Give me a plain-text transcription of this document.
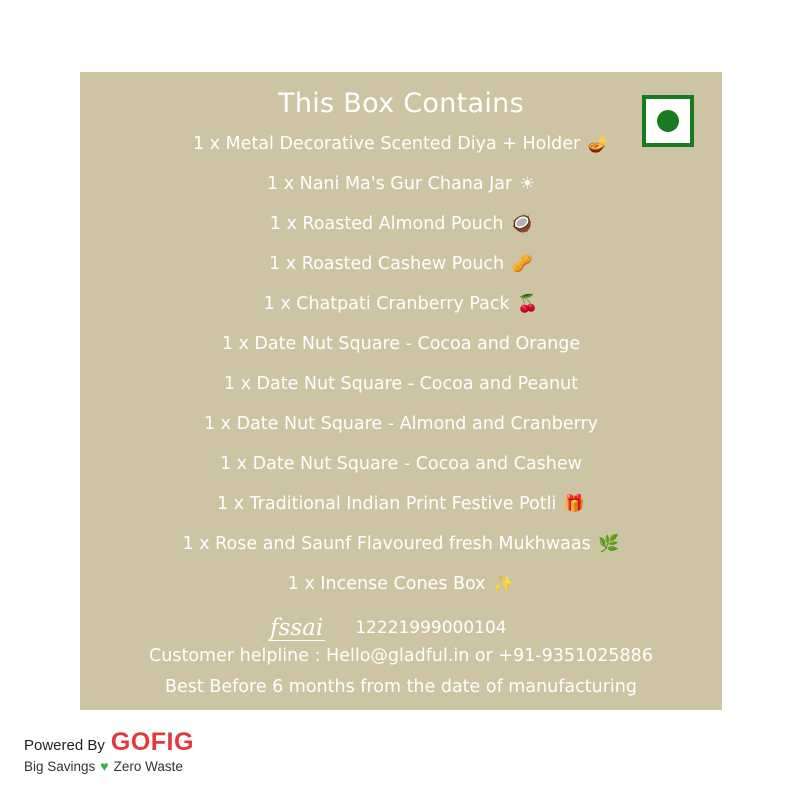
This Box Contains
1 x Metal Decorative Scented Diya + Holder 🪔
1 x Nani Ma's Gur Chana Jar ☀
1 x Roasted Almond Pouch 🥥
1 x Roasted Cashew Pouch 🥜
1 x Chatpati Cranberry Pack 🍒
1 x Date Nut Square - Cocoa and Orange
1 x Date Nut Square - Cocoa and Peanut
1 x Date Nut Square - Almond and Cranberry
1 x Date Nut Square - Cocoa and Cashew
1 x Traditional Indian Print Festive Potli 🎁
1 x Rose and Saunf Flavoured fresh Mukhwaas 🌿
1 x Incense Cones Box ✨
fssai 12221999000104
Customer helpline : Hello@gladful.in or +91-9351025886
Best Before 6 months from the date of manufacturing
Powered By GOFIG
Big Savings ♥ Zero Waste
